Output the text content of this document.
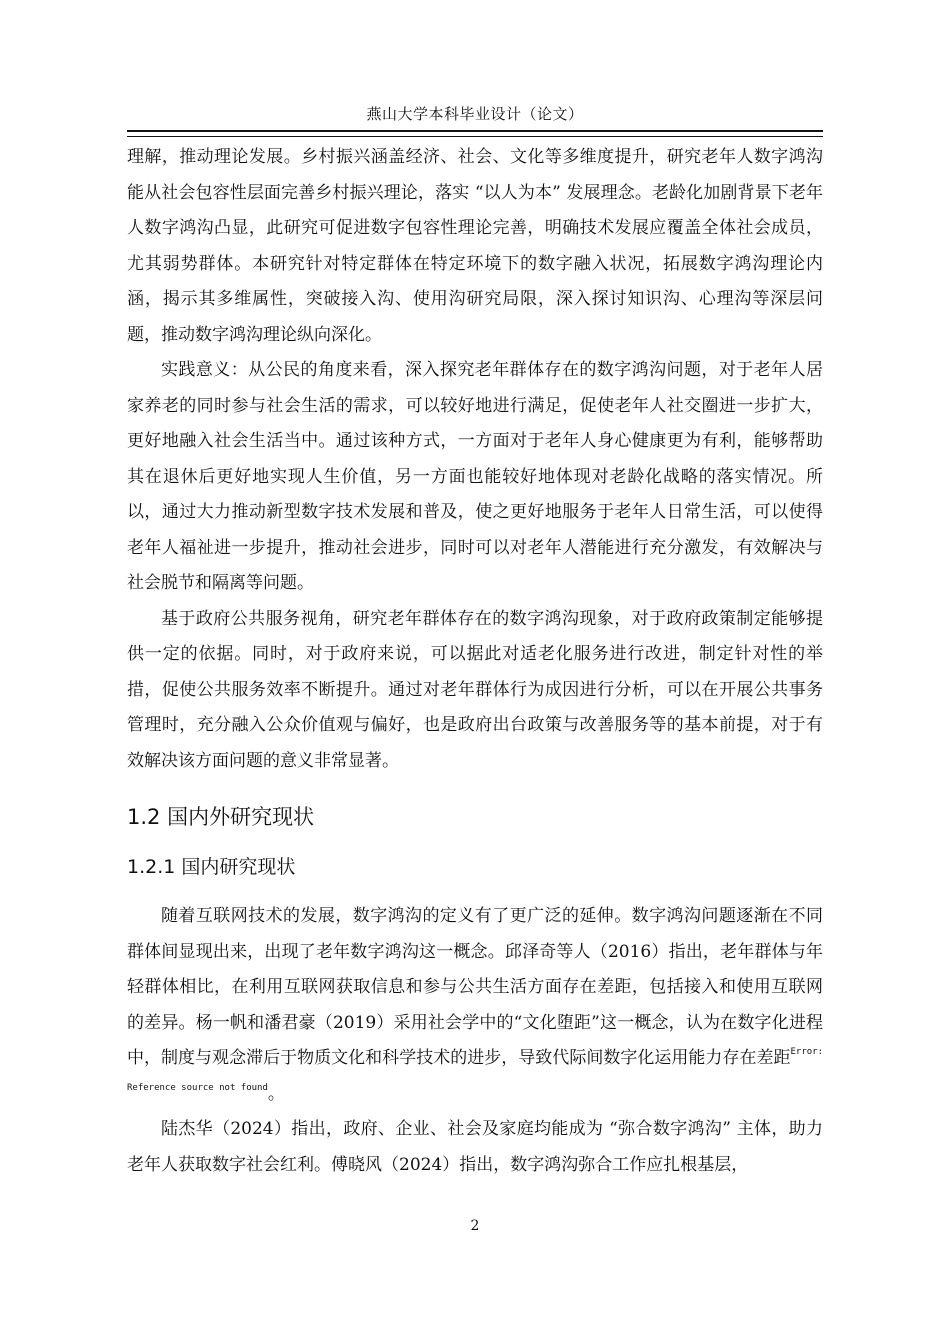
燕山大学本科毕业设计（论文）

理解，推动理论发展。乡村振兴涵盖经济、社会、文化等多维度提升，研究老年人数字鸿沟能从社会包容性层面完善乡村振兴理论，落实 “以人为本” 发展理念。老龄化加剧背景下老年人数字鸿沟凸显，此研究可促进数字包容性理论完善，明确技术发展应覆盖全体社会成员，尤其弱势群体。本研究针对特定群体在特定环境下的数字融入状况，拓展数字鸿沟理论内涵，揭示其多维属性，突破接入沟、使用沟研究局限，深入探讨知识沟、心理沟等深层问题，推动数字鸿沟理论纵向深化。

实践意义：从公民的角度来看，深入探究老年群体存在的数字鸿沟问题，对于老年人居家养老的同时参与社会生活的需求，可以较好地进行满足，促使老年人社交圈进一步扩大，更好地融入社会生活当中。通过该种方式，一方面对于老年人身心健康更为有利，能够帮助其在退休后更好地实现人生价值，另一方面也能较好地体现对老龄化战略的落实情况。所以，通过大力推动新型数字技术发展和普及，使之更好地服务于老年人日常生活，可以使得老年人福祉进一步提升，推动社会进步，同时可以对老年人潜能进行充分激发，有效解决与社会脱节和隔离等问题。

基于政府公共服务视角，研究老年群体存在的数字鸿沟现象，对于政府政策制定能够提供一定的依据。同时，对于政府来说，可以据此对适老化服务进行改进，制定针对性的举措，促使公共服务效率不断提升。通过对老年群体行为成因进行分析，可以在开展公共事务管理时，充分融入公众价值观与偏好，也是政府出台政策与改善服务等的基本前提，对于有效解决该方面问题的意义非常显著。

1.2 国内外研究现状
1.2.1 国内研究现状

随着互联网技术的发展，数字鸿沟的定义有了更广泛的延伸。数字鸿沟问题逐渐在不同群体间显现出来，出现了老年数字鸿沟这一概念。邱泽奇等人（2016）指出，老年群体与年轻群体相比，在利用互联网获取信息和参与公共生活方面存在差距，包括接入和使用互联网的差异。杨一帆和潘君豪（2019）采用社会学中的“文化堕距”这一概念，认为在数字化进程中，制度与观念滞后于物质文化和科学技术的进步，导致代际间数字化运用能力存在差距$^{Error: Reference source not found}$。

陆杰华（2024）指出，政府、企业、社会及家庭均能成为 “弥合数字鸿沟” 主体，助力老年人获取数字社会红利。傅晓风（2024）指出，数字鸿沟弥合工作应扎根基层，

2
